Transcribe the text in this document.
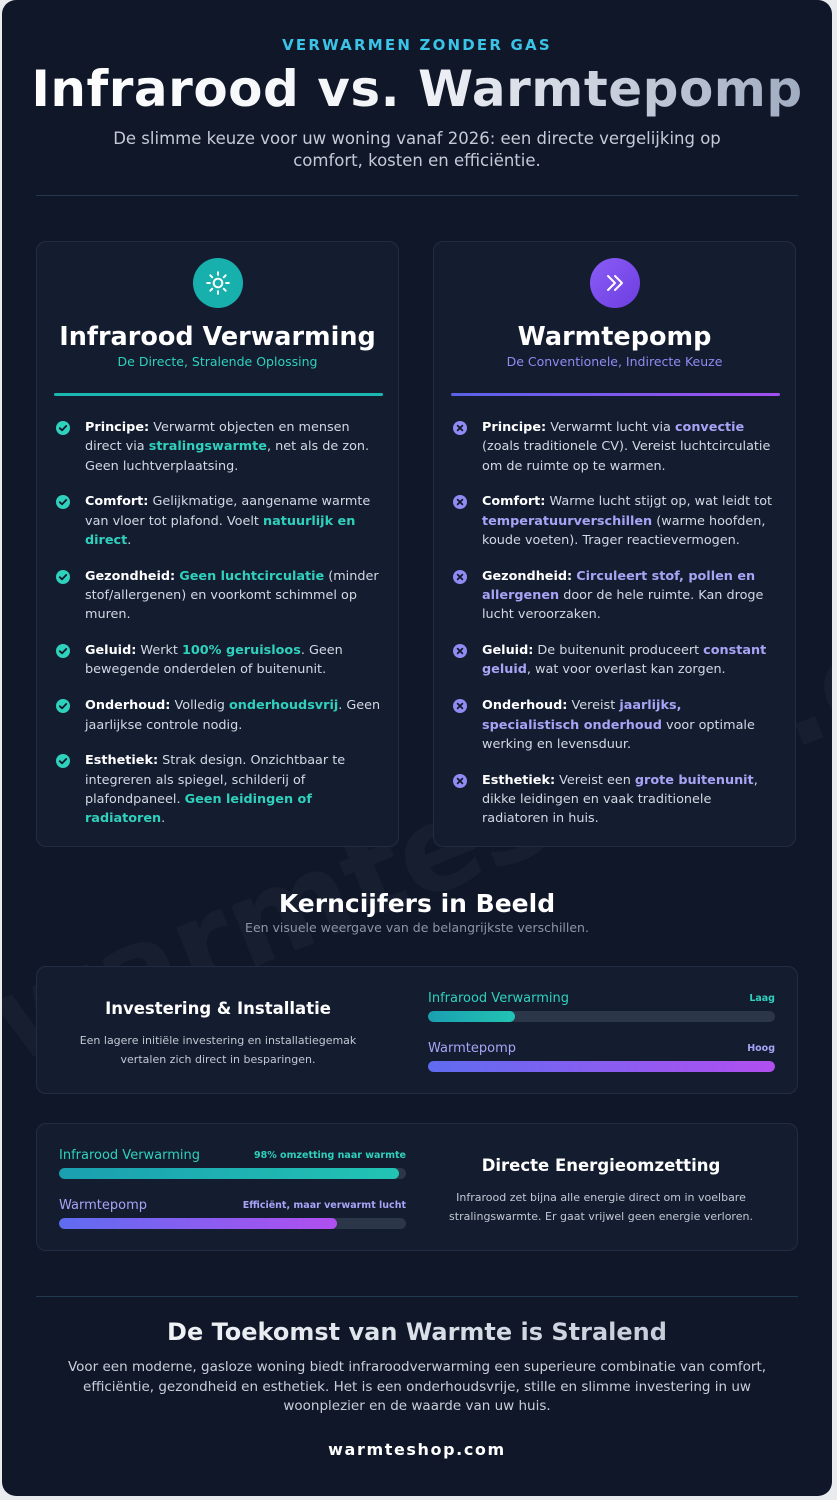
VERWARMEN ZONDER GAS
Infrarood vs. Warmtepomp
De slimme keuze voor uw woning vanaf 2026: een directe vergelijking op comfort, kosten en efficiëntie.
Infrarood Verwarming
De Directe, Stralende Oplossing
Principe: Verwarmt objecten en mensen direct via stralingswarmte, net als de zon. Geen luchtverplaatsing.
Comfort: Gelijkmatige, aangename warmte van vloer tot plafond. Voelt natuurlijk en direct.
Gezondheid: Geen luchtcirculatie (minder stof/allergenen) en voorkomt schimmel op muren.
Geluid: Werkt 100% geruisloos. Geen bewegende onderdelen of buitenunit.
Onderhoud: Volledig onderhoudsvrij. Geen jaarlijkse controle nodig.
Esthetiek: Strak design. Onzichtbaar te integreren als spiegel, schilderij of plafondpaneel. Geen leidingen of radiatoren.
Warmtepomp
De Conventionele, Indirecte Keuze
Principe: Verwarmt lucht via convectie (zoals traditionele CV). Vereist luchtcirculatie om de ruimte op te warmen.
Comfort: Warme lucht stijgt op, wat leidt tot temperatuurverschillen (warme hoofden, koude voeten). Trager reactievermogen.
Gezondheid: Circuleert stof, pollen en allergenen door de hele ruimte. Kan droge lucht veroorzaken.
Geluid: De buitenunit produceert constant geluid, wat voor overlast kan zorgen.
Onderhoud: Vereist jaarlijks, specialistisch onderhoud voor optimale werking en levensduur.
Esthetiek: Vereist een grote buitenunit, dikke leidingen en vaak traditionele radiatoren in huis.
Kerncijfers in Beeld
Een visuele weergave van de belangrijkste verschillen.
Investering & Installatie

Een lagere initiële investering en installatiegemak vertalen zich direct in besparingen.

Infrarood Verwarming	Laag
Warmtepomp	Hoog
Infrarood Verwarming	98% omzetting naar warmte
Warmtepomp	Efficiënt, maar verwarmt lucht
Directe Energieomzetting

Infrarood zet bijna alle energie direct om in voelbare stralingswarmte. Er gaat vrijwel geen energie verloren.

De Toekomst van Warmte is Stralend
Voor een moderne, gasloze woning biedt infraroodverwarming een superieure combinatie van comfort, efficiëntie, gezondheid en esthetiek. Het is een onderhoudsvrije, stille en slimme investering in uw woonplezier en de waarde van uw huis.
warmteshop.com
